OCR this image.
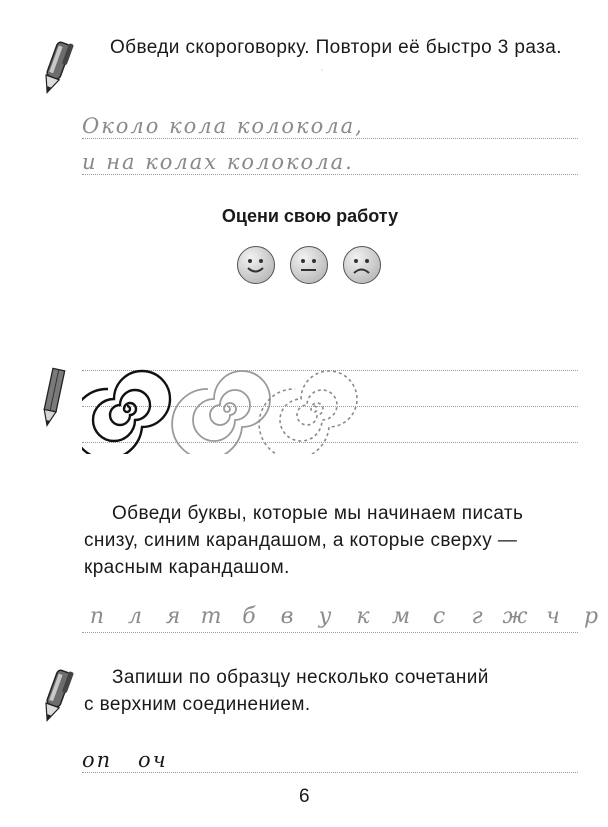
.
Обведи скороговорку. Повтори её быстро 3 раза.
Около кола колокола,
и на колах колокола.
Оцени свою работу
Обведи буквы, которые мы начинаем писать
снизу, синим карандашом, а которые сверху —
красным карандашом.
п	л	я т б	в	у	к	м	с	г ж ч	р
Запиши по образцу несколько сочетаний
с верхним соединением.
оп оч
6
